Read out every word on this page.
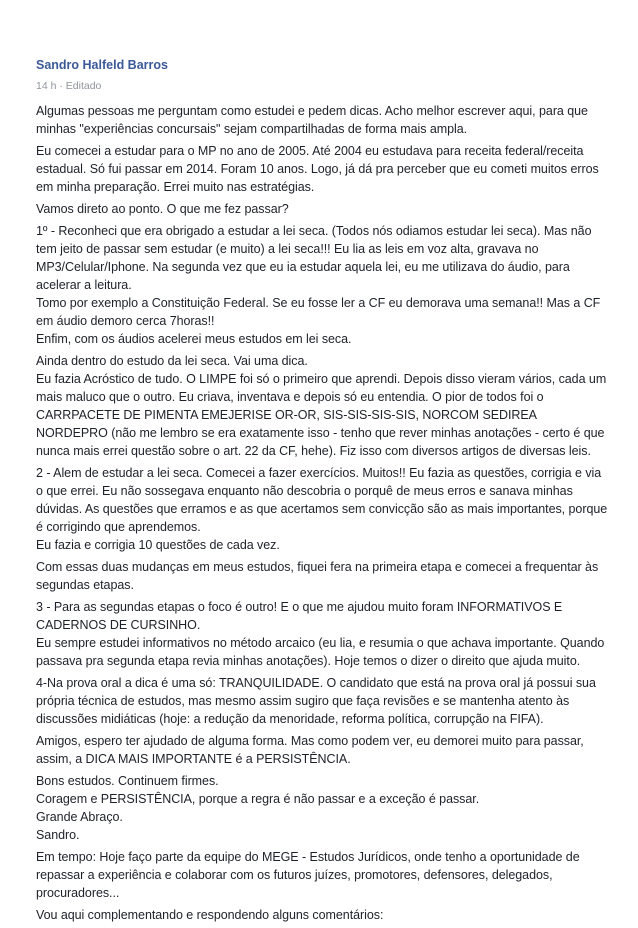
Sandro Halfeld Barros
14 h · Editado

Algumas pessoas me perguntam como estudei e pedem dicas. Acho melhor escrever aqui, para que minhas "experiências concursais" sejam compartilhadas de forma mais ampla.

Eu comecei a estudar para o MP no ano de 2005. Até 2004 eu estudava para receita federal/receita estadual. Só fui passar em 2014. Foram 10 anos. Logo, já dá pra perceber que eu cometi muitos erros em minha preparação. Errei muito nas estratégias.

Vamos direto ao ponto. O que me fez passar?

1º - Reconheci que era obrigado a estudar a lei seca. (Todos nós odiamos estudar lei seca). Mas não tem jeito de passar sem estudar (e muito) a lei seca!!! Eu lia as leis em voz alta, gravava no MP3/Celular/Iphone. Na segunda vez que eu ia estudar aquela lei, eu me utilizava do áudio, para acelerar a leitura.
Tomo por exemplo a Constituição Federal. Se eu fosse ler a CF eu demorava uma semana!! Mas a CF em áudio demoro cerca 7horas!!
Enfim, com os áudios acelerei meus estudos em lei seca.

Ainda dentro do estudo da lei seca. Vai uma dica.
Eu fazia Acróstico de tudo. O LIMPE foi só o primeiro que aprendi. Depois disso vieram vários, cada um mais maluco que o outro. Eu criava, inventava e depois só eu entendia. O pior de todos foi o CARRPACETE DE PIMENTA EMEJERISE OR-OR, SIS-SIS-SIS-SIS, NORCOM SEDIREA NORDEPRO (não me lembro se era exatamente isso - tenho que rever minhas anotações - certo é que nunca mais errei questão sobre o art. 22 da CF, hehe). Fiz isso com diversos artigos de diversas leis.

2 - Alem de estudar a lei seca. Comecei a fazer exercícios. Muitos!! Eu fazia as questões, corrigia e via o que errei. Eu não sossegava enquanto não descobria o porquê de meus erros e sanava minhas dúvidas. As questões que erramos e as que acertamos sem convicção são as mais importantes, porque é corrigindo que aprendemos.
Eu fazia e corrigia 10 questões de cada vez.

Com essas duas mudanças em meus estudos, fiquei fera na primeira etapa e comecei a frequentar às segundas etapas.

3 - Para as segundas etapas o foco é outro! E o que me ajudou muito foram INFORMATIVOS E CADERNOS DE CURSINHO.
Eu sempre estudei informativos no método arcaico (eu lia, e resumia o que achava importante. Quando passava pra segunda etapa revia minhas anotações). Hoje temos o dizer o direito que ajuda muito.

4-Na prova oral a dica é uma só: TRANQUILIDADE. O candidato que está na prova oral já possui sua própria técnica de estudos, mas mesmo assim sugiro que faça revisões e se mantenha atento às discussões midiáticas (hoje: a redução da menoridade, reforma política, corrupção na FIFA).

Amigos, espero ter ajudado de alguma forma. Mas como podem ver, eu demorei muito para passar, assim, a DICA MAIS IMPORTANTE é a PERSISTÊNCIA.

Bons estudos. Continuem firmes.
Coragem e PERSISTÊNCIA, porque a regra é não passar e a exceção é passar.
Grande Abraço.
Sandro.

Em tempo: Hoje faço parte da equipe do MEGE - Estudos Jurídicos, onde tenho a oportunidade de repassar a experiência e colaborar com os futuros juízes, promotores, defensores, delegados, procuradores...

Vou aqui complementando e respondendo alguns comentários:
